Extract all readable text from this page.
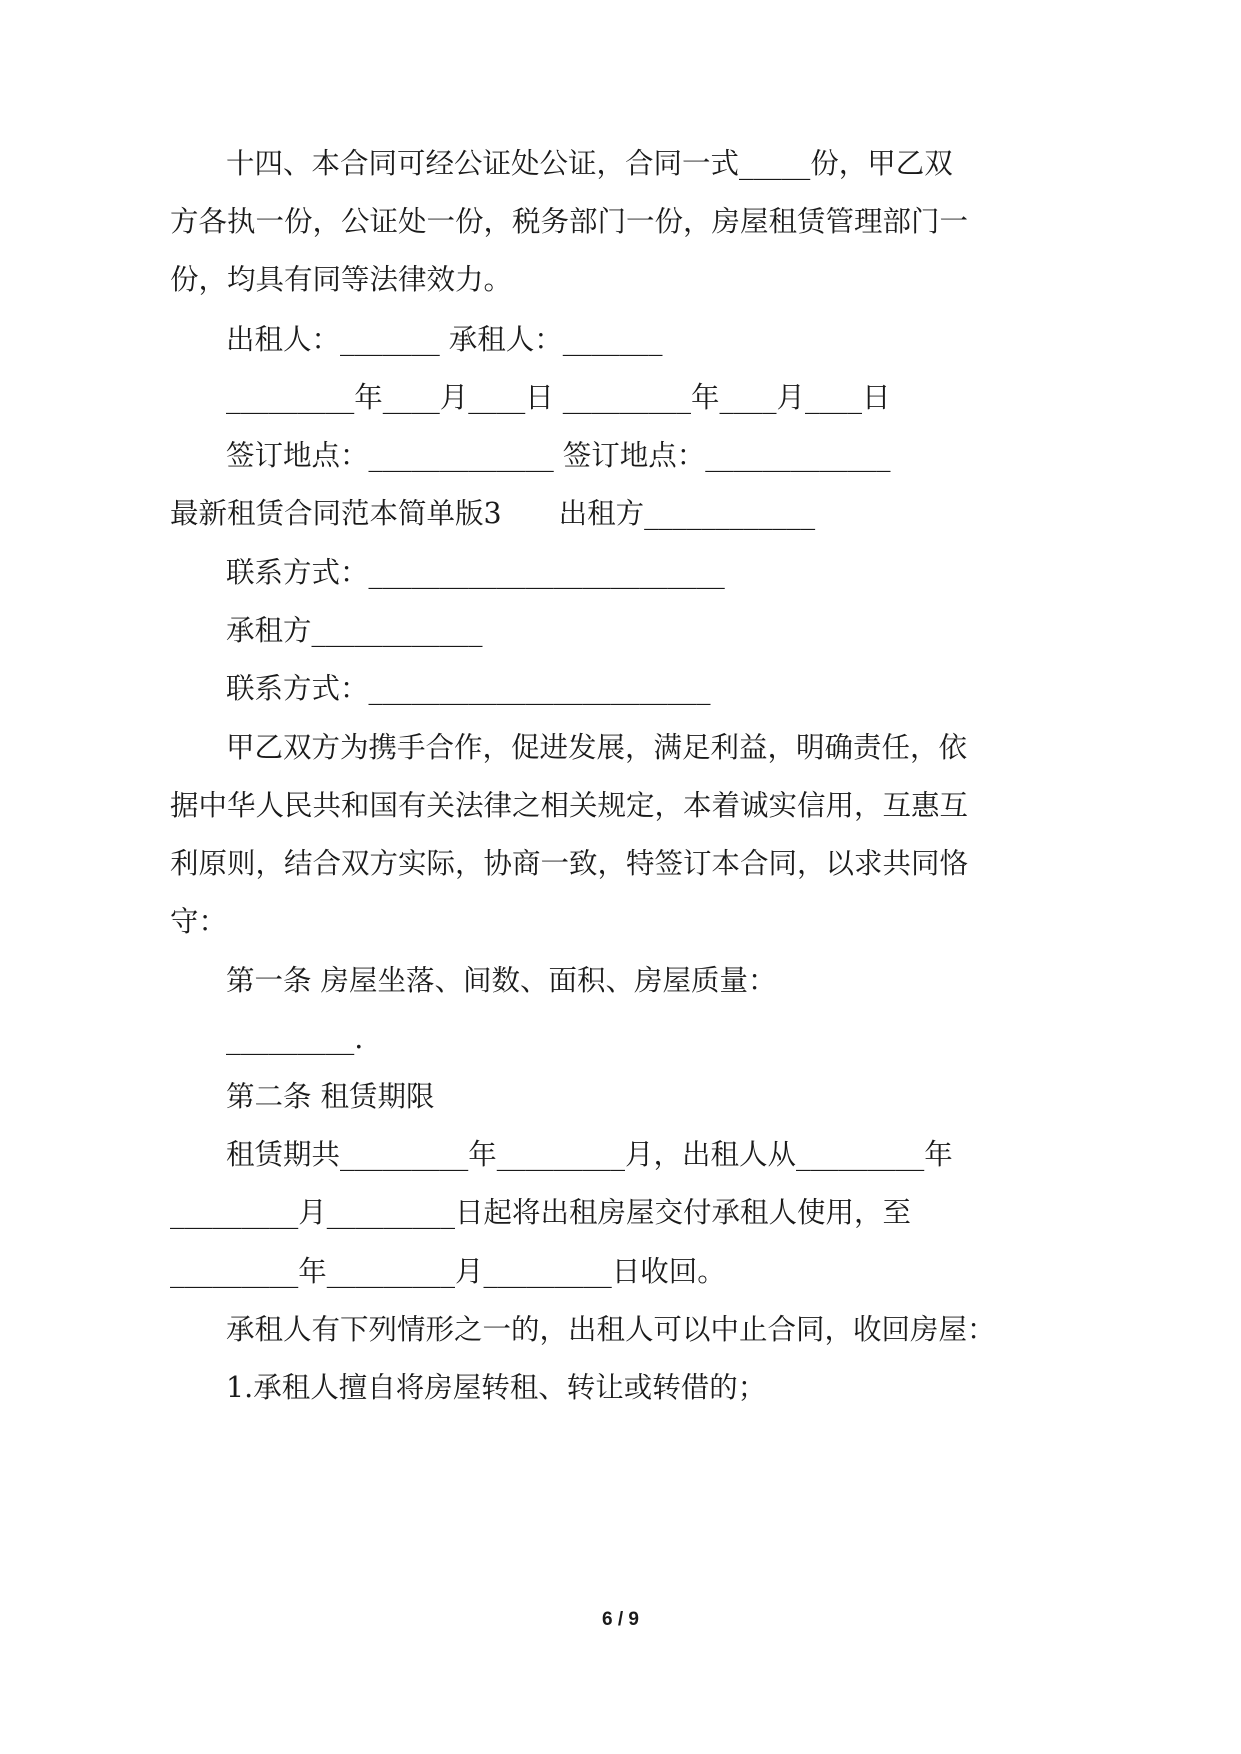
十四、本合同可经公证处公证，合同一式_____份，甲乙双
方各执一份，公证处一份，税务部门一份，房屋租赁管理部门一
份，均具有同等法律效力。
出租人：_______ 承租人：_______
_________年____月____日 _________年____月____日
签订地点：_____________ 签订地点：_____________
最新租赁合同范本简单版3　　出租方____________
联系方式：_________________________
承租方____________
联系方式：________________________
甲乙双方为携手合作，促进发展，满足利益，明确责任，依
据中华人民共和国有关法律之相关规定，本着诚实信用，互惠互
利原则，结合双方实际，协商一致，特签订本合同，以求共同恪
守：
第一条 房屋坐落、间数、面积、房屋质量：
_________.
第二条 租赁期限
租赁期共_________年_________月，出租人从_________年
_________月_________日起将出租房屋交付承租人使用，至
_________年_________月_________日收回。
承租人有下列情形之一的，出租人可以中止合同，收回房屋：
1.承租人擅自将房屋转租、转让或转借的；
6 / 9
